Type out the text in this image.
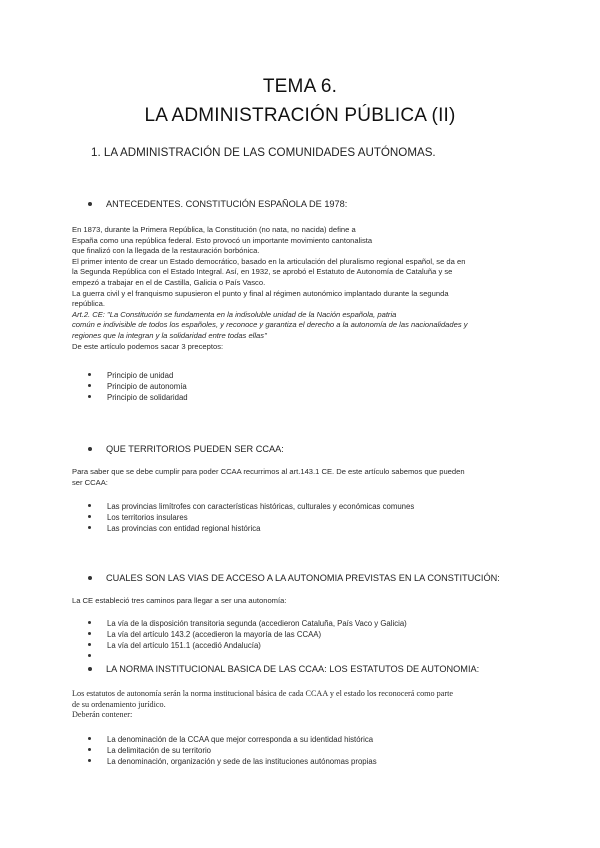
TEMA 6.
LA ADMINISTRACIÓN PÚBLICA (II)
1. LA ADMINISTRACIÓN DE LAS COMUNIDADES AUTÓNOMAS.
ANTECEDENTES. CONSTITUCIÓN ESPAÑOLA DE 1978:

En 1873, durante la Primera República, la Constitución (no nata, no nacida) define a

España como una república federal. Esto provocó un importante movimiento cantonalista

que finalizó con la llegada de la restauración borbónica.

El primer intento de crear un Estado democrático, basado en la articulación del pluralismo regional español, se da en

la Segunda República con el Estado Integral. Así, en 1932, se aprobó el Estatuto de Autonomía de Cataluña y se

empezó a trabajar en el de Castilla, Galicia o País Vasco.

La guerra civil y el franquismo supusieron el punto y final al régimen autonómico implantado durante la segunda

república.

Art.2. CE: "La Constitución se fundamenta en la indisoluble unidad de la Nación española, patria

común e indivisible de todos los españoles, y reconoce y garantiza el derecho a la autonomía de las nacionalidades y

regiones que la integran y la solidaridad entre todas ellas"

De este artículo podemos sacar 3 preceptos:

Principio de unidad
Principio de autonomía
Principio de solidaridad
QUE TERRITORIOS PUEDEN SER CCAA:

Para saber que se debe cumplir para poder CCAA recurrimos al art.143.1 CE. De este artículo sabemos que pueden

ser CCAA:

Las provincias limítrofes con características históricas, culturales y económicas comunes
Los territorios insulares
Las provincias con entidad regional histórica
CUALES SON LAS VIAS DE ACCESO A LA AUTONOMIA PREVISTAS EN LA CONSTITUCIÓN:

La CE estableció tres caminos para llegar a ser una autonomía:

La vía de la disposición transitoria segunda (accedieron Cataluña, País Vaco y Galicia)
La vía del artículo 143.2 (accedieron la mayoría de las CCAA)
La vía del artículo 151.1 (accedió Andalucía)
LA NORMA INSTITUCIONAL BASICA DE LAS CCAA: LOS ESTATUTOS DE AUTONOMIA:

Los estatutos de autonomía serán la norma institucional básica de cada CCAA y el estado los reconocerá como parte

de su ordenamiento jurídico.

Deberán contener:

La denominación de la CCAA que mejor corresponda a su identidad histórica
La delimitación de su territorio
La denominación, organización y sede de las instituciones autónomas propias
